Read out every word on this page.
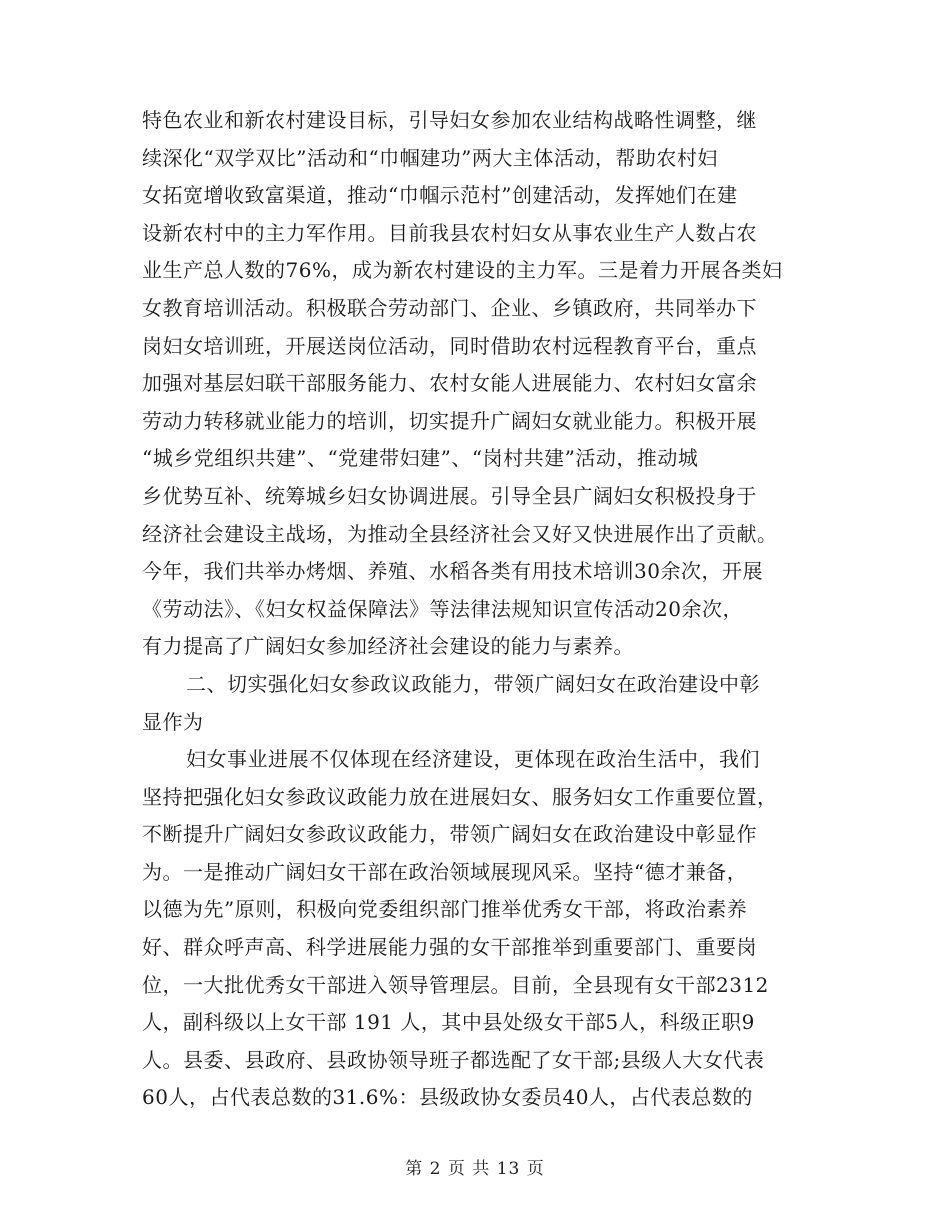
特色农业和新农村建设目标，引导妇女参加农业结构战略性调整，继
续深化“双学双比”活动和“巾帼建功”两大主体活动，帮助农村妇
女拓宽增收致富渠道，推动“巾帼示范村”创建活动，发挥她们在建
设新农村中的主力军作用。目前我县农村妇女从事农业生产人数占农
业生产总人数的76%，成为新农村建设的主力军。三是着力开展各类妇
女教育培训活动。积极联合劳动部门、企业、乡镇政府，共同举办下
岗妇女培训班，开展送岗位活动，同时借助农村远程教育平台，重点
加强对基层妇联干部服务能力、农村女能人进展能力、农村妇女富余
劳动力转移就业能力的培训，切实提升广阔妇女就业能力。积极开展
“城乡党组织共建”、“党建带妇建”、“岗村共建”活动，推动城
乡优势互补、统筹城乡妇女协调进展。引导全县广阔妇女积极投身于
经济社会建设主战场，为推动全县经济社会又好又快进展作出了贡献。
今年，我们共举办烤烟、养殖、水稻各类有用技术培训30余次，开展
《劳动法》、《妇女权益保障法》等法律法规知识宣传活动20余次，
有力提高了广阔妇女参加经济社会建设的能力与素养。
二、切实强化妇女参政议政能力，带领广阔妇女在政治建设中彰
显作为
妇女事业进展不仅体现在经济建设，更体现在政治生活中，我们
坚持把强化妇女参政议政能力放在进展妇女、服务妇女工作重要位置，
不断提升广阔妇女参政议政能力，带领广阔妇女在政治建设中彰显作
为。一是推动广阔妇女干部在政治领域展现风采。坚持“德才兼备，
以德为先”原则，积极向党委组织部门推举优秀女干部，将政治素养
好、群众呼声高、科学进展能力强的女干部推举到重要部门、重要岗
位，一大批优秀女干部进入领导管理层。目前，全县现有女干部2312
人，副科级以上女干部 191 人，其中县处级女干部5人，科级正职9
人。县委、县政府、县政协领导班子都选配了女干部;县级人大女代表
60人，占代表总数的31.6%：县级政协女委员40人，占代表总数的
第 2 页 共 13 页
